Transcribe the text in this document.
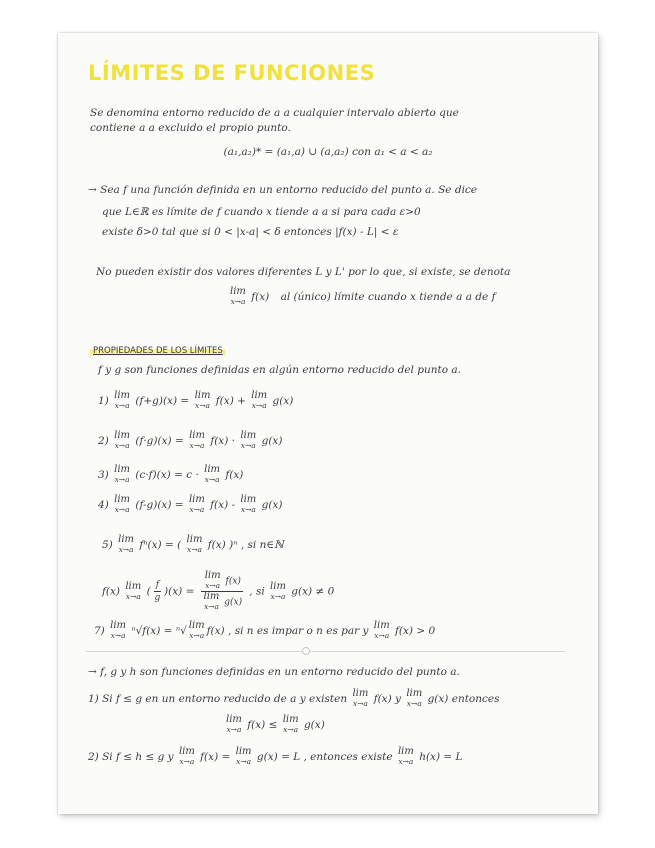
LÍMITES DE FUNCIONES
Se denomina entorno reducido de a a cualquier intervalo abierto que
contiene a a excluido el propio punto.
(a₁,a₂)* = (a₁,a) ∪ (a,a₂) con a₁ < a < a₂
→ Sea f una función definida en un entorno reducido del punto a. Se dice
que L∈ℝ es límite de f cuando x tiende a a si para cada ε>0
existe δ>0 tal que si 0 < |x-a| < δ entonces |f(x) - L| < ε
No pueden existir dos valores diferentes L y L' por lo que, si existe, se denota
lim
x→a f(x) al (único) límite cuando x tiende a a de f
PROPIEDADES DE LOS LÍMITES
f y g son funciones definidas en algún entorno reducido del punto a.
1) lim
x→a (f+g)(x) = lim
x→a f(x) + lim
x→a g(x)
2) lim
x→a (f·g)(x) = lim
x→a f(x) · lim
x→a g(x)
3) lim
x→a (c·f)(x) = c · lim
x→a f(x)
4) lim
x→a (f-g)(x) = lim
x→a f(x) - lim
x→a g(x)
5) lim
x→a fⁿ(x) = ( lim
x→a f(x) )ⁿ , si n∈ℕ
f(x) lim
x→a ( $\frac{f}{g} )(x) = \lim$
x→a f(x)
lim
x→a g(x) , si lim
x→a g(x) ≠ 0
7) lim
x→a ⁿ√f(x) = ⁿ√ lim
x→a f(x) , si n es impar o n es par y lim
x→a f(x) > 0
→ f, g y h son funciones definidas en un entorno reducido del punto a.
1) Si f ≤ g en un entorno reducido de a y existen lim
x→a f(x) y lim
x→a g(x) entonces
lim
x→a f(x) ≤ lim
x→a g(x)
2) Si f ≤ h ≤ g y lim
x→a f(x) = lim
x→a g(x) = L , entonces existe lim
x→a h(x) = L
